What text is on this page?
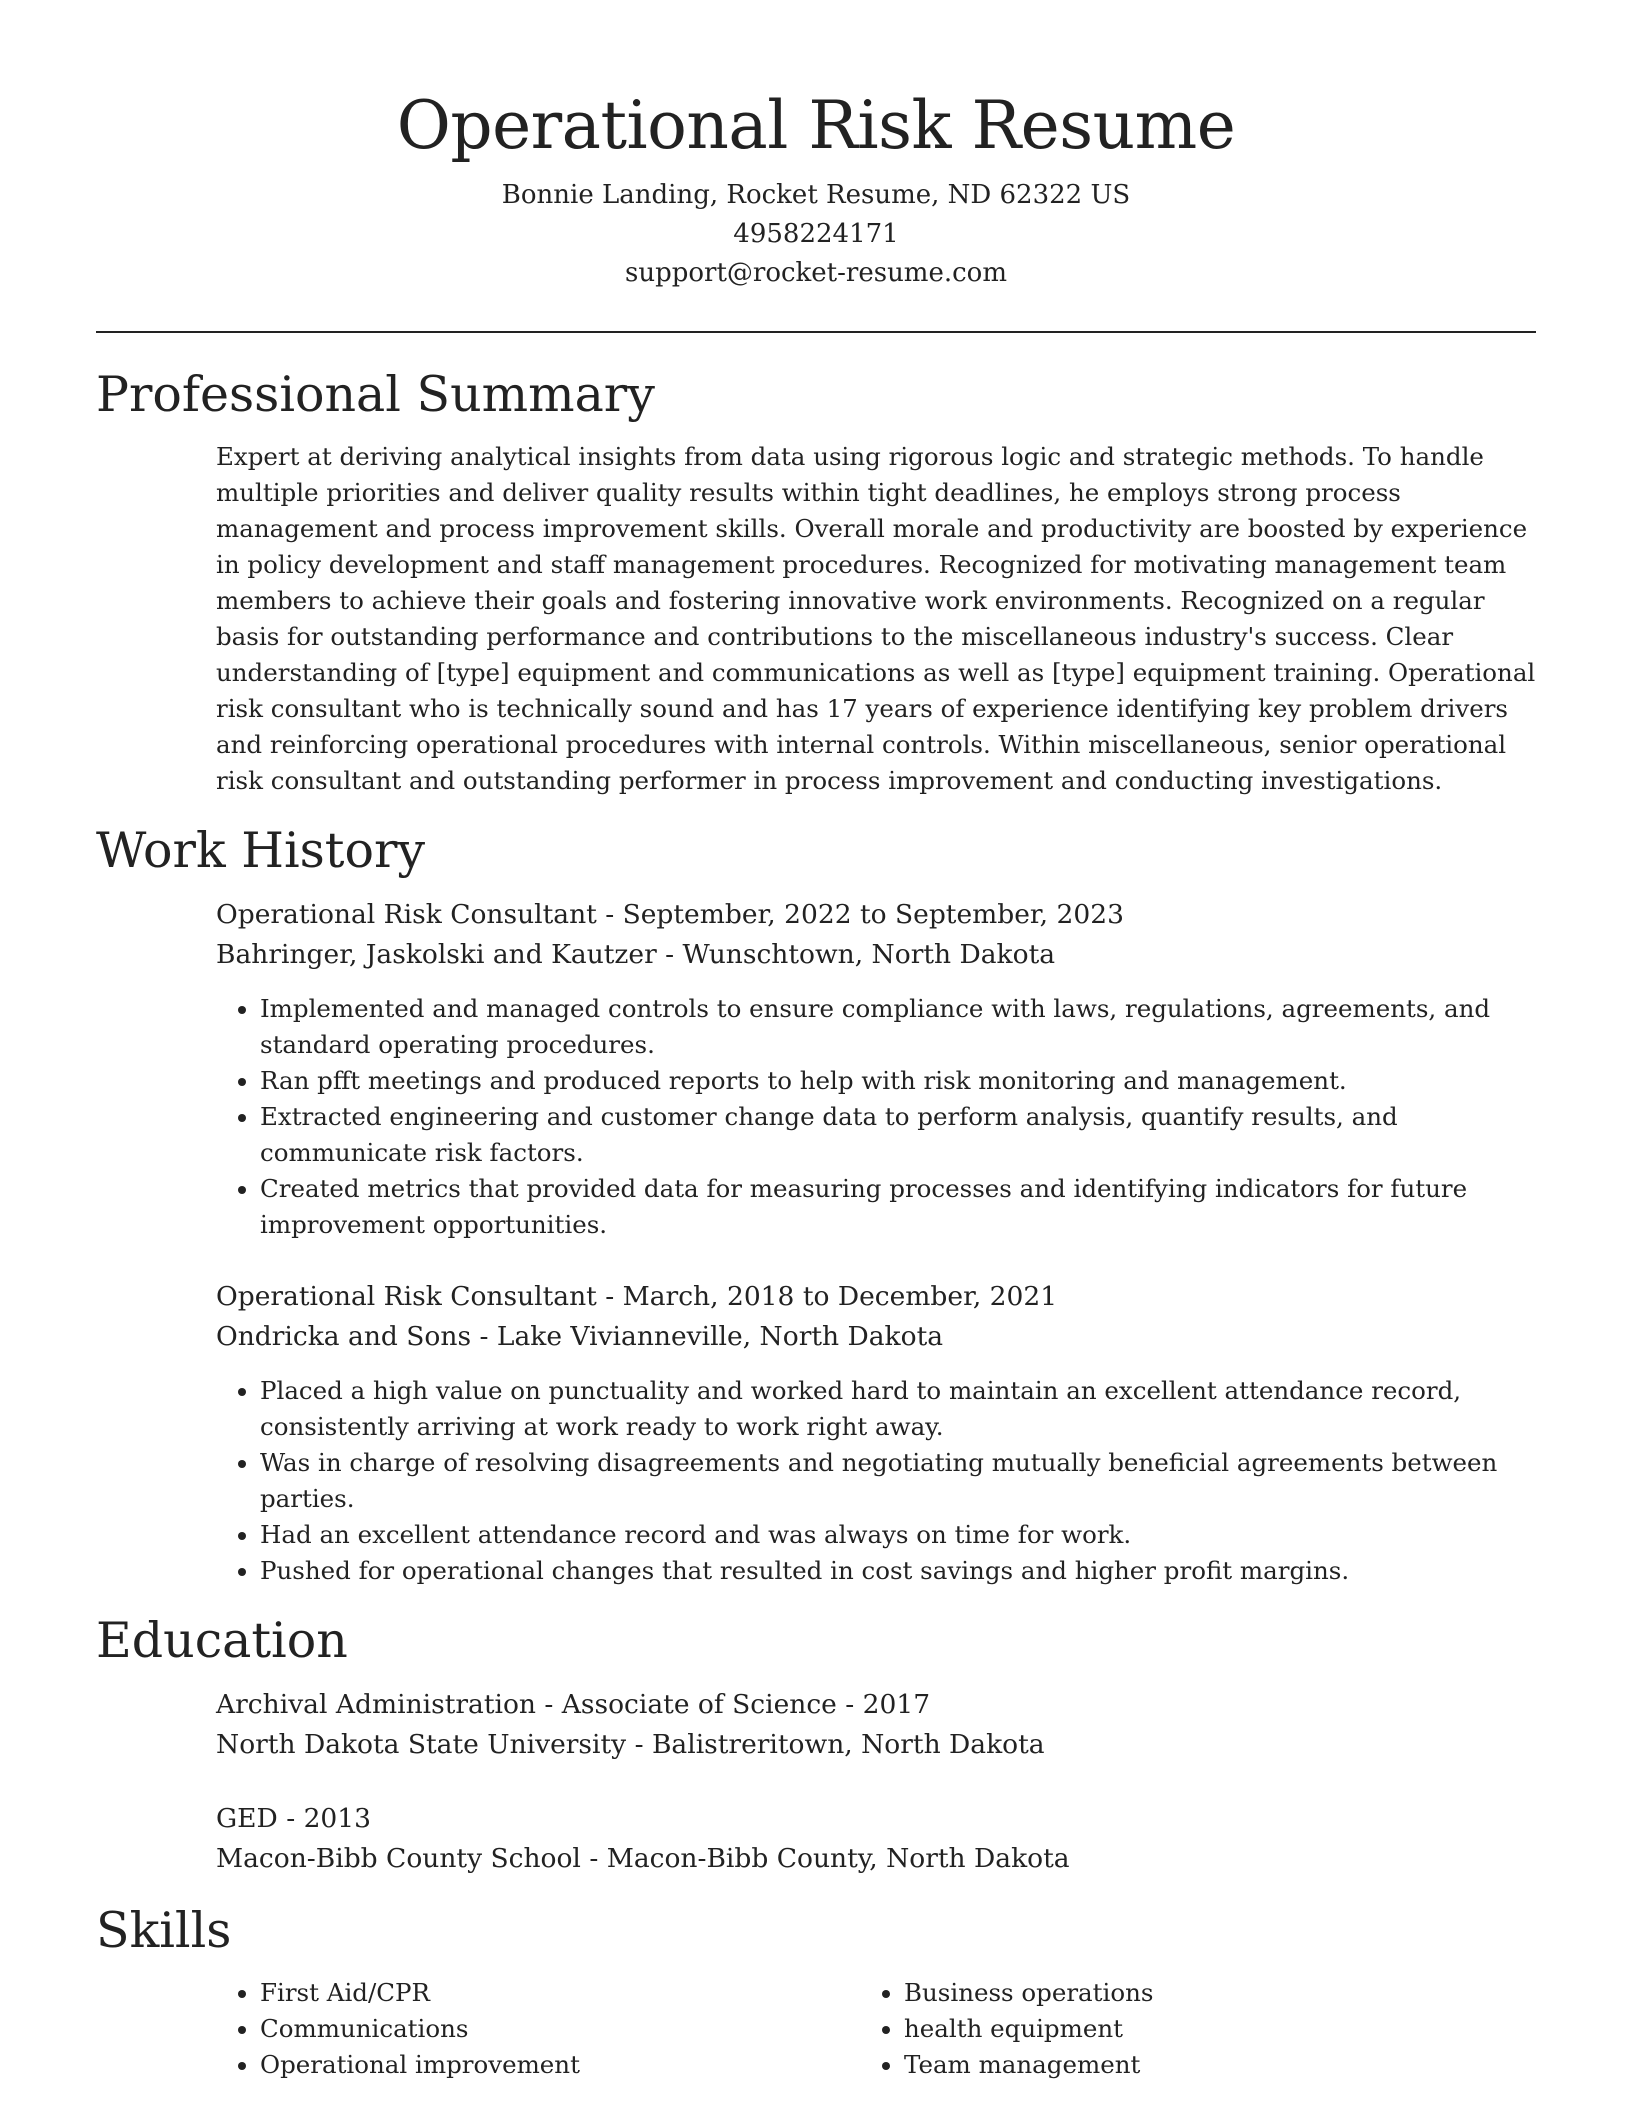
Operational Risk Resume
Bonnie Landing, Rocket Resume, ND 62322 US
4958224171
support@rocket-resume.com
Professional Summary

Expert at deriving analytical insights from data using rigorous logic and strategic methods. To handle multiple priorities and deliver quality results within tight deadlines, he employs strong process management and process improvement skills. Overall morale and productivity are boosted by experience in policy development and staff management procedures. Recognized for motivating management team members to achieve their goals and fostering innovative work environments. Recognized on a regular basis for outstanding performance and contributions to the miscellaneous industry's success. Clear understanding of [type] equipment and communications as well as [type] equipment training. Operational risk consultant who is technically sound and has 17 years of experience identifying key problem drivers and reinforcing operational procedures with internal controls. Within miscellaneous, senior operational risk consultant and outstanding performer in process improvement and conducting investigations.

Work History
Operational Risk Consultant - September, 2022 to September, 2023
Bahringer, Jaskolski and Kautzer - Wunschtown, North Dakota
• Implemented and managed controls to ensure compliance with laws, regulations, agreements, and standard operating procedures.
• Ran pfft meetings and produced reports to help with risk monitoring and management.
• Extracted engineering and customer change data to perform analysis, quantify results, and communicate risk factors.
• Created metrics that provided data for measuring processes and identifying indicators for future improvement opportunities.
Operational Risk Consultant - March, 2018 to December, 2021
Ondricka and Sons - Lake Vivianneville, North Dakota
• Placed a high value on punctuality and worked hard to maintain an excellent attendance record, consistently arriving at work ready to work right away.
• Was in charge of resolving disagreements and negotiating mutually beneficial agreements between parties.
• Had an excellent attendance record and was always on time for work.
• Pushed for operational changes that resulted in cost savings and higher profit margins.
Education
Archival Administration - Associate of Science - 2017
North Dakota State University - Balistreritown, North Dakota
GED - 2013
Macon-Bibb County School - Macon-Bibb County, North Dakota
Skills
• First Aid/CPR
• Communications
• Operational improvement
• Business operations
• health equipment
• Team management
